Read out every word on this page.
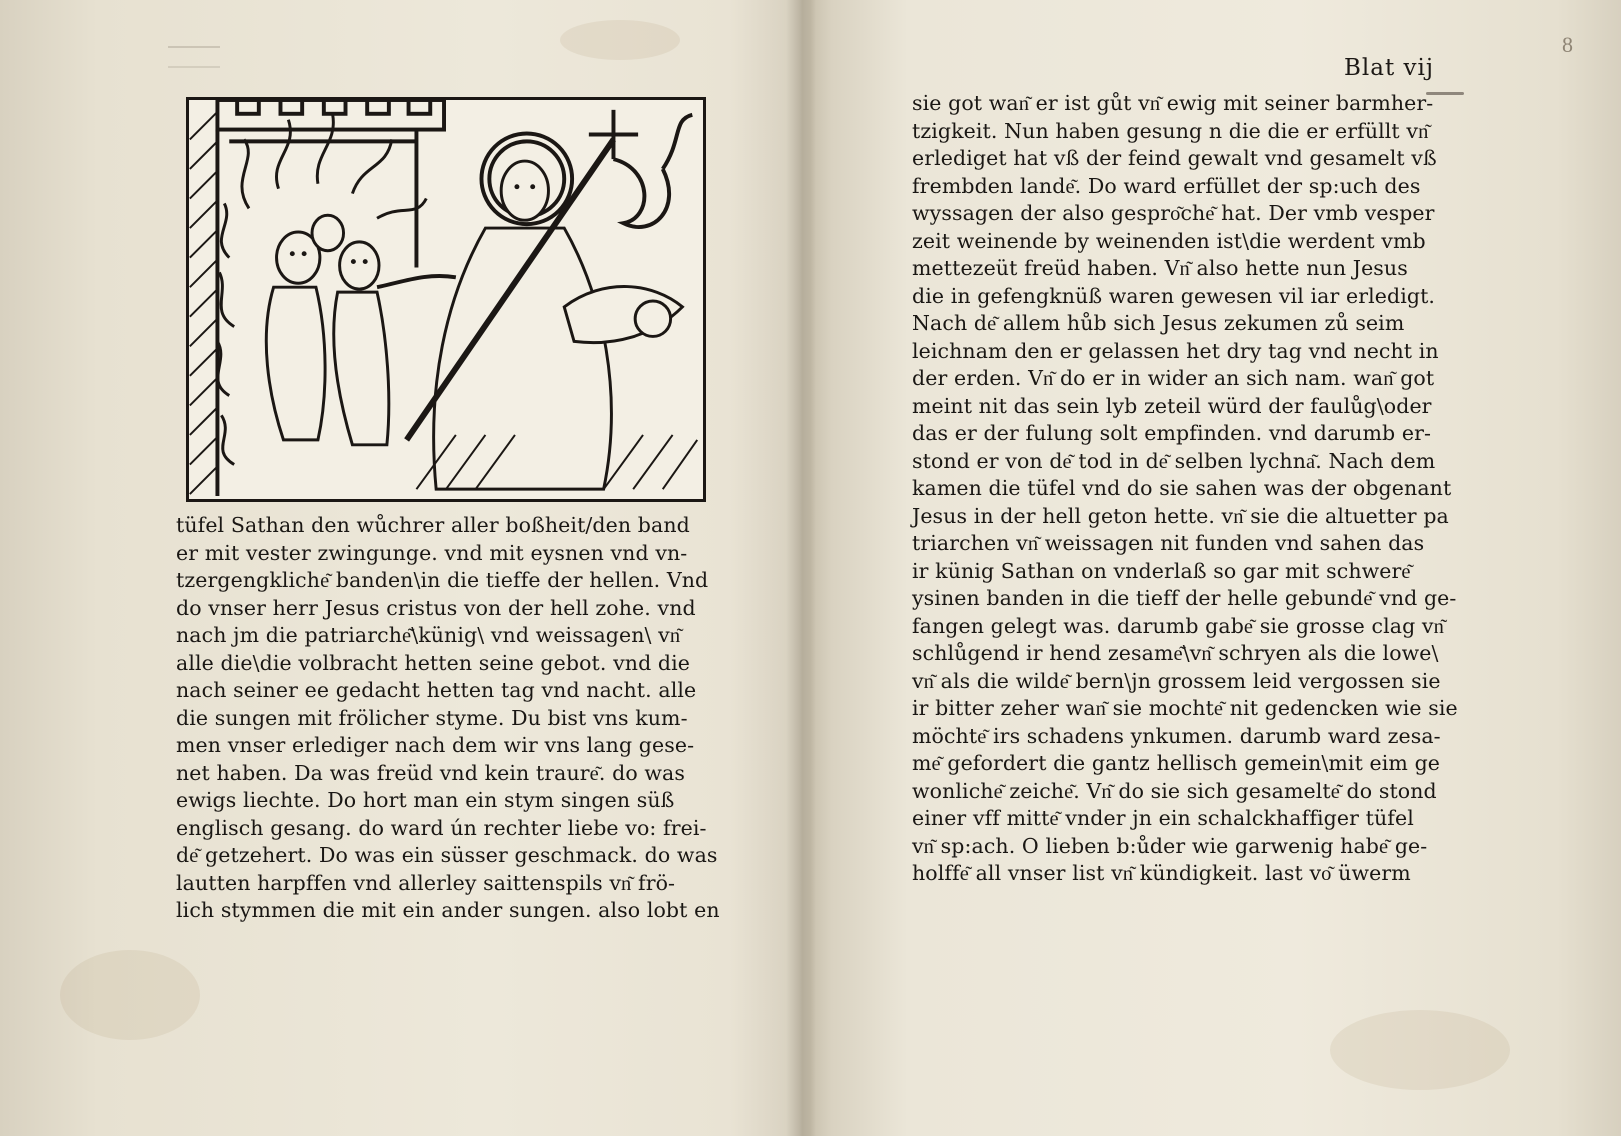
tüfel Sathan den wůchrer aller boßheit/den band
er mit vester zwingunge. vnd mit eysnen vnd vn-
tzergengkliche͂ banden\in die tieffe der hellen. Vnd
do vnser herr Jesus cristus von der hell zohe. vnd
nach jm die patriarche͂\künig\ vnd weissagen\ vn͂
alle die\die volbracht hetten seine gebot. vnd die
nach seiner ee gedacht hetten tag vnd nacht. alle
die sungen mit frölicher styme. Du bist vns kum-
men vnser erlediger nach dem wir vns lang gese-
net haben. Da was freüd vnd kein traure͂. do was
ewigs liechte. Do hort man ein stym singen süß
englisch gesang. do ward ún rechter liebe vo: frei-
de͂ getzehert. Do was ein süsser geschmack. do was
lautten harpffen vnd allerley saittenspils vn͂ frö-
lich stymmen die mit ein ander sungen. also lobt en
8
Blat vij
sie got wan͂ er ist gůt vn͂ ewig mit seiner barmher-
tzigkeit. Nun haben gesung n die die er erfüllt vn͂
erlediget hat vß der feind gewalt vnd gesamelt vß
frembden lande͂. Do ward erfüllet der sp:uch des
wyssagen der also gespro͂che͂ hat. Der vmb vesper
zeit weinende by weinenden ist\die werdent vmb
mettezeüt freüd haben. Vn͂ also hette nun Jesus
die in gefengknüß waren gewesen vil iar erledigt.
Nach de͂ allem hůb sich Jesus zekumen zů seim
leichnam den er gelassen het dry tag vnd necht in
der erden. Vn͂ do er in wider an sich nam. wan͂ got
meint nit das sein lyb zeteil würd der faulůg\oder
das er der fulung solt empfinden. vnd darumb er-
stond er von de͂ tod in de͂ selben lychna͂. Nach dem
kamen die tüfel vnd do sie sahen was der obgenant
Jesus in der hell geton hette. vn͂ sie die altuetter pa
triarchen vn͂ weissagen nit funden vnd sahen das
ir künig Sathan on vnderlaß so gar mit schwere͂
ysinen banden in die tieff der helle gebunde͂ vnd ge-
fangen gelegt was. darumb gabe͂ sie grosse clag vn͂
schlůgend ir hend zesame͂\vn͂ schryen als die lowe\
vn͂ als die wilde͂ bern\jn grossem leid vergossen sie
ir bitter zeher wan͂ sie mochte͂ nit gedencken wie sie
möchte͂ irs schadens ynkumen. darumb ward zesa-
me͂ gefordert die gantz hellisch gemein\mit eim ge
wonliche͂ zeiche͂. Vn͂ do sie sich gesamelte͂ do stond
einer vff mitte͂ vnder jn ein schalckhaffiger tüfel
vn͂ sp:ach. O lieben b:ůder wie garwenig habe͂ ge-
holffe͂ all vnser list vn͂ kündigkeit. last vo͂ üwerm
